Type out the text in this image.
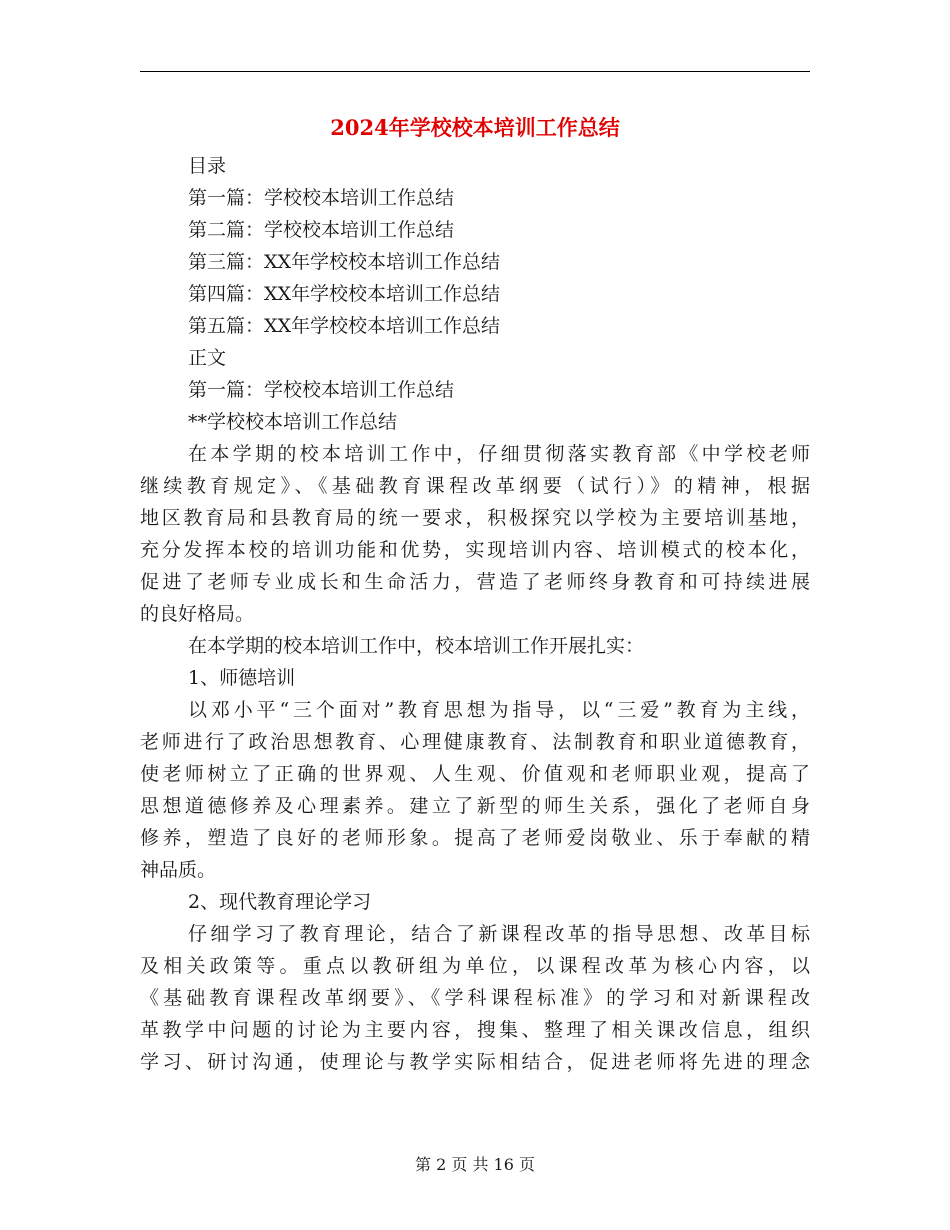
2024年学校校本培训工作总结
目录
第一篇：学校校本培训工作总结
第二篇：学校校本培训工作总结
第三篇：XX年学校校本培训工作总结
第四篇：XX年学校校本培训工作总结
第五篇：XX年学校校本培训工作总结
正文
第一篇：学校校本培训工作总结
**学校校本培训工作总结
在本学期的校本培训工作中，仔细贯彻落实教育部《中学校老师
继续教育规定》、《基础教育课程改革纲要（试行）》的精神，根据
地区教育局和县教育局的统一要求，积极探究以学校为主要培训基地，
充分发挥本校的培训功能和优势，实现培训内容、培训模式的校本化，
促进了老师专业成长和生命活力，营造了老师终身教育和可持续进展
的良好格局。
在本学期的校本培训工作中，校本培训工作开展扎实：
1、师德培训
以邓小平“三个面对”教育思想为指导，以“三爱”教育为主线，
老师进行了政治思想教育、心理健康教育、法制教育和职业道德教育，
使老师树立了正确的世界观、人生观、价值观和老师职业观，提高了
思想道德修养及心理素养。建立了新型的师生关系，强化了老师自身
修养，塑造了良好的老师形象。提高了老师爱岗敬业、乐于奉献的精
神品质。
2、现代教育理论学习
仔细学习了教育理论，结合了新课程改革的指导思想、改革目标
及相关政策等。重点以教研组为单位，以课程改革为核心内容，以
《基础教育课程改革纲要》、《学科课程标准》的学习和对新课程改
革教学中问题的讨论为主要内容，搜集、整理了相关课改信息，组织
学习、研讨沟通，使理论与教学实际相结合，促进老师将先进的理念
第 2 页 共 16 页
